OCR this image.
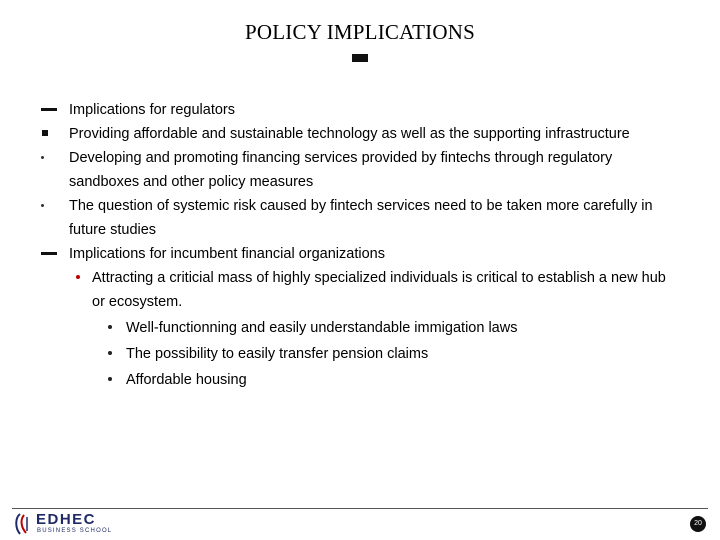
POLICY IMPLICATIONS
Implications for regulators
Providing affordable and sustainable technology as well as the supporting infrastructure
Developing and promoting financing services provided by fintechs through regulatory sandboxes and other policy measures
The question of systemic risk caused by fintech services need to be taken more carefully in future studies
Implications for incumbent financial organizations
Attracting a criticial mass of highly specialized individuals is critical to establish a new hub or ecosystem.
Well-functionning and easily understandable immigation laws
The possibility to easily transfer pension claims
Affordable housing
EDHEC
BUSINESS SCHOOL
20
